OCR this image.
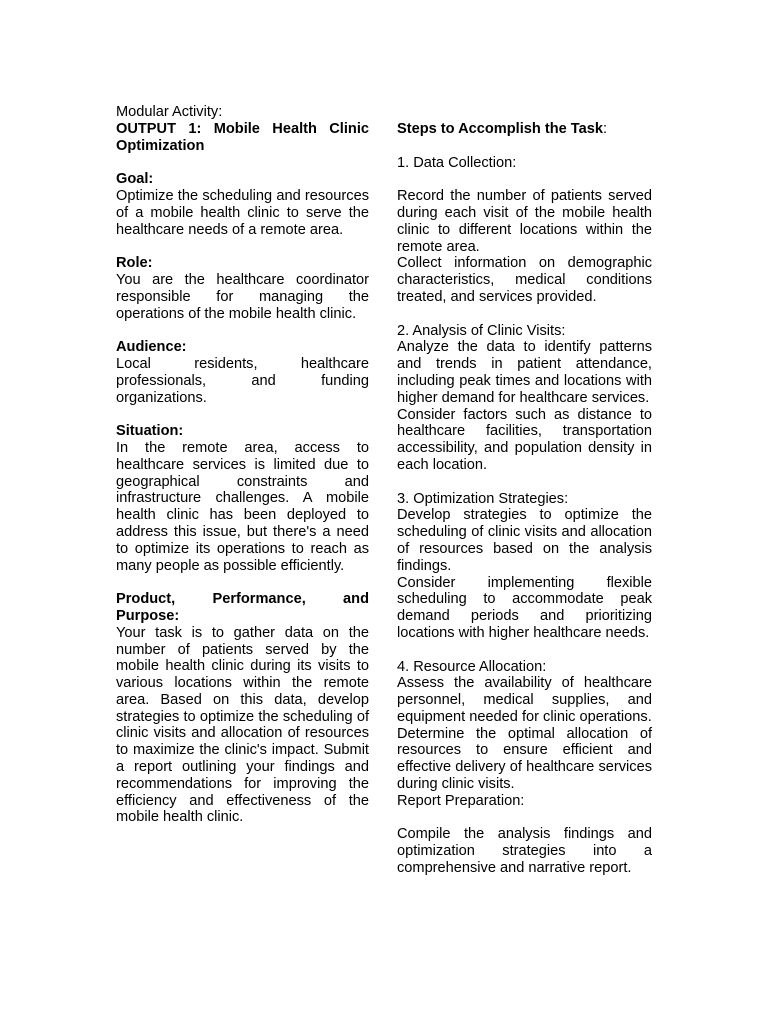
Modular Activity:

OUTPUT 1: Mobile Health Clinic Optimization

Goal:

Optimize the scheduling and resources of a mobile health clinic to serve the healthcare needs of a remote area.

Role:

You are the healthcare coordinator responsible for managing the operations of the mobile health clinic.

Audience:

Local residents, healthcare professionals, and funding organizations.

Situation:

In the remote area, access to healthcare services is limited due to geographical constraints and infrastructure challenges. A mobile health clinic has been deployed to address this issue, but there's a need to optimize its operations to reach as many people as possible efficiently.

Product, Performance, and Purpose:

Your task is to gather data on the number of patients served by the mobile health clinic during its visits to various locations within the remote area. Based on this data, develop strategies to optimize the scheduling of clinic visits and allocation of resources to maximize the clinic's impact. Submit a report outlining your findings and recommendations for improving the efficiency and effectiveness of the mobile health clinic.

Steps to Accomplish the Task:

1. Data Collection:

Record the number of patients served during each visit of the mobile health clinic to different locations within the remote area.

Collect information on demographic characteristics, medical conditions treated, and services provided.

2. Analysis of Clinic Visits:

Analyze the data to identify patterns and trends in patient attendance, including peak times and locations with higher demand for healthcare services.

Consider factors such as distance to healthcare facilities, transportation accessibility, and population density in each location.

3. Optimization Strategies:

Develop strategies to optimize the scheduling of clinic visits and allocation of resources based on the analysis findings.

Consider implementing flexible scheduling to accommodate peak demand periods and prioritizing locations with higher healthcare needs.

4. Resource Allocation:

Assess the availability of healthcare personnel, medical supplies, and equipment needed for clinic operations.

Determine the optimal allocation of resources to ensure efficient and effective delivery of healthcare services during clinic visits.

Report Preparation:

Compile the analysis findings and optimization strategies into a comprehensive and narrative report.
